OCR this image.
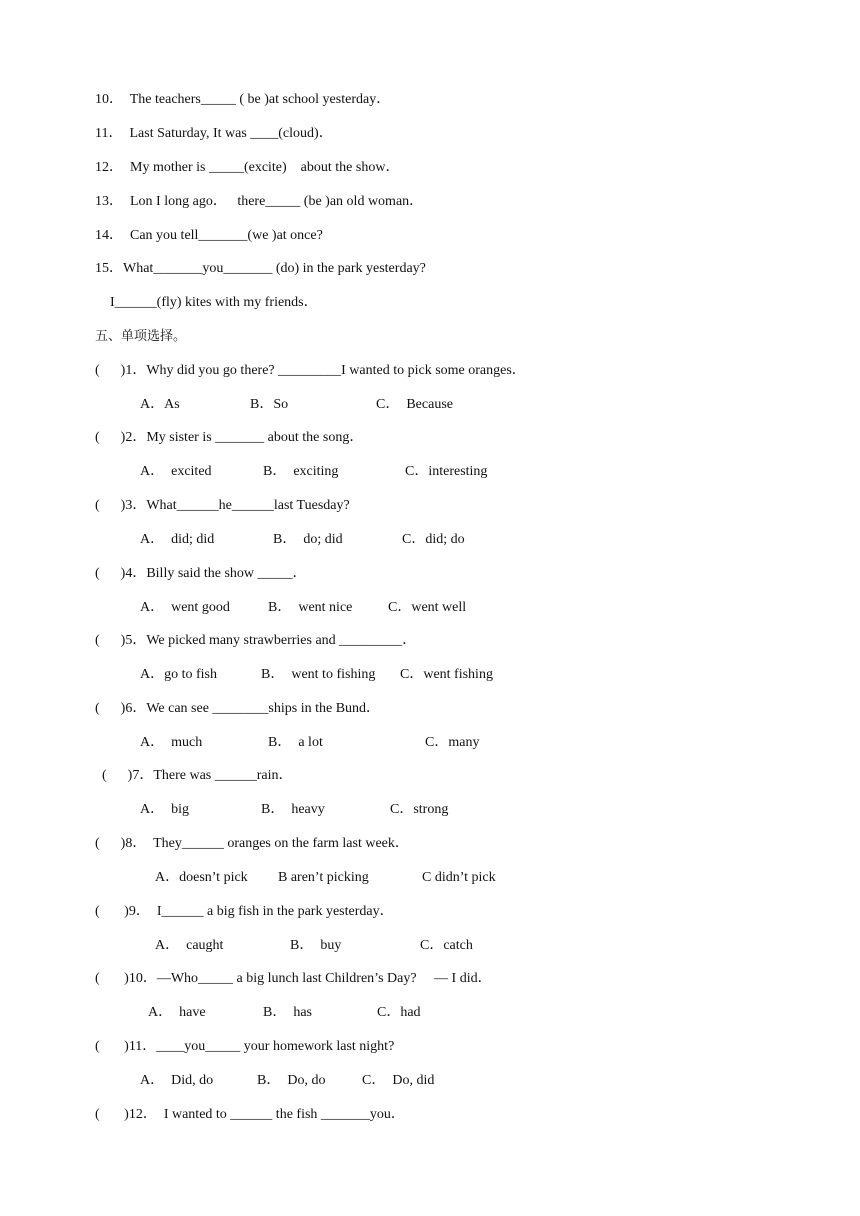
10．  The teachers_____ ( be )at school yesterday．
11．  Last Saturday, It was ____(cloud)．
12．  My mother is _____(excite)    about the show．
13．  Lon I long ago．   there_____ (be )an old woman．
14．  Can you tell_______(we )at once?
15．What_______you_______ (do) in the park yesterday?
I______(fly) kites with my friends．
五、单项选择。
(      )1．Why did you go there? _________I wanted to pick some oranges．
A．As	B．So	C．  Because
(      )2．My sister is _______ about the song．
A．  excited	B．  exciting	C．interesting
(      )3．What______he______last Tuesday?
A．  did; did	B．  do; did	C．did; do
(      )4．Billy said the show _____．
A．  went good	B．  went nice	C．went well
(      )5．We picked many strawberries and _________．
A．go to fish	B．  went to fishing C．went fishing
(      )6．We can see ________ships in the Bund．
A．  much	B．  a lot	C．many
(      )7．There was ______rain．
A．  big	B．  heavy	C．strong
(      )8．  They______ oranges on the farm last week．
A．doesn’t pick B aren’t picking	C didn’t pick
(       )9．  I______ a big fish in the park yesterday．
A．  caught	B．  buy	C．catch
(       )10．—Who_____ a big lunch last Children’s Day?     — I did．
A．  have	B．  has	C．had
(       )11．____you_____ your homework last night?
A．  Did, do	B．  Do, do	C．  Do, did
(       )12．  I wanted to ______ the fish _______you．
